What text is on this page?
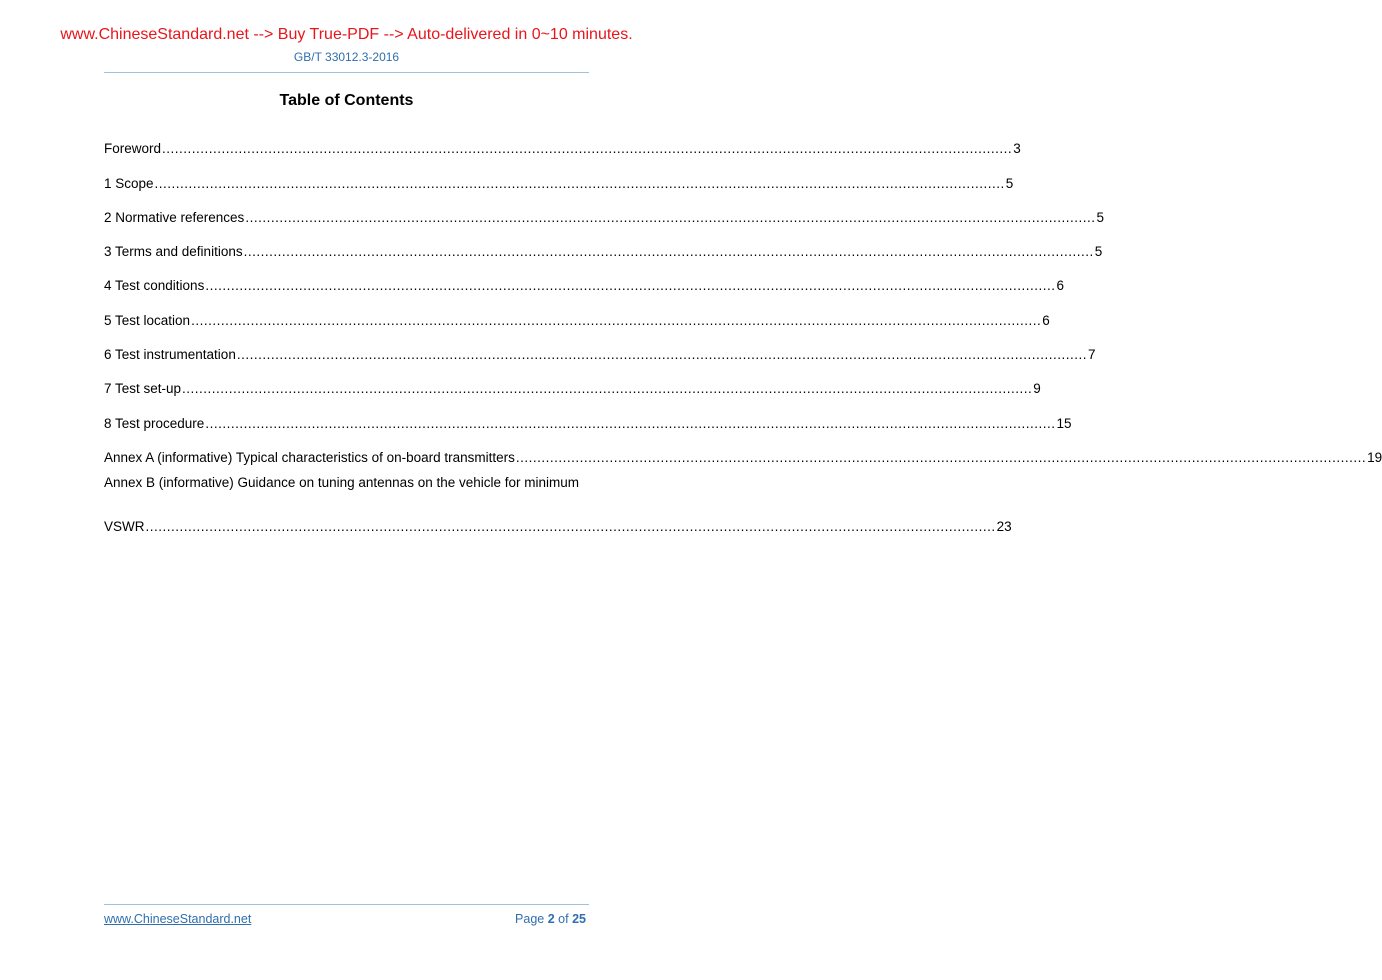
www.ChineseStandard.net --> Buy True-PDF --> Auto-delivered in 0~10 minutes.
GB/T 33012.3-2016
Table of Contents
Foreword ........................................................................................................................................................................................................ 3
1 Scope ........................................................................................................................................................................................................ 5
2 Normative references ........................................................................................................................................................................................................ 5
3 Terms and definitions ........................................................................................................................................................................................................ 5
4 Test conditions ........................................................................................................................................................................................................ 6
5 Test location ........................................................................................................................................................................................................ 6
6 Test instrumentation ........................................................................................................................................................................................................ 7
7 Test set-up ........................................................................................................................................................................................................ 9
8 Test procedure ........................................................................................................................................................................................................ 15
Annex A (informative) Typical characteristics of on-board transmitters ........................................................................................................................................................................................................ 19
Annex B (informative) Guidance on tuning antennas on the vehicle for minimum
VSWR ........................................................................................................................................................................................................ 23
www.ChineseStandard.net	Page 2 of 25
